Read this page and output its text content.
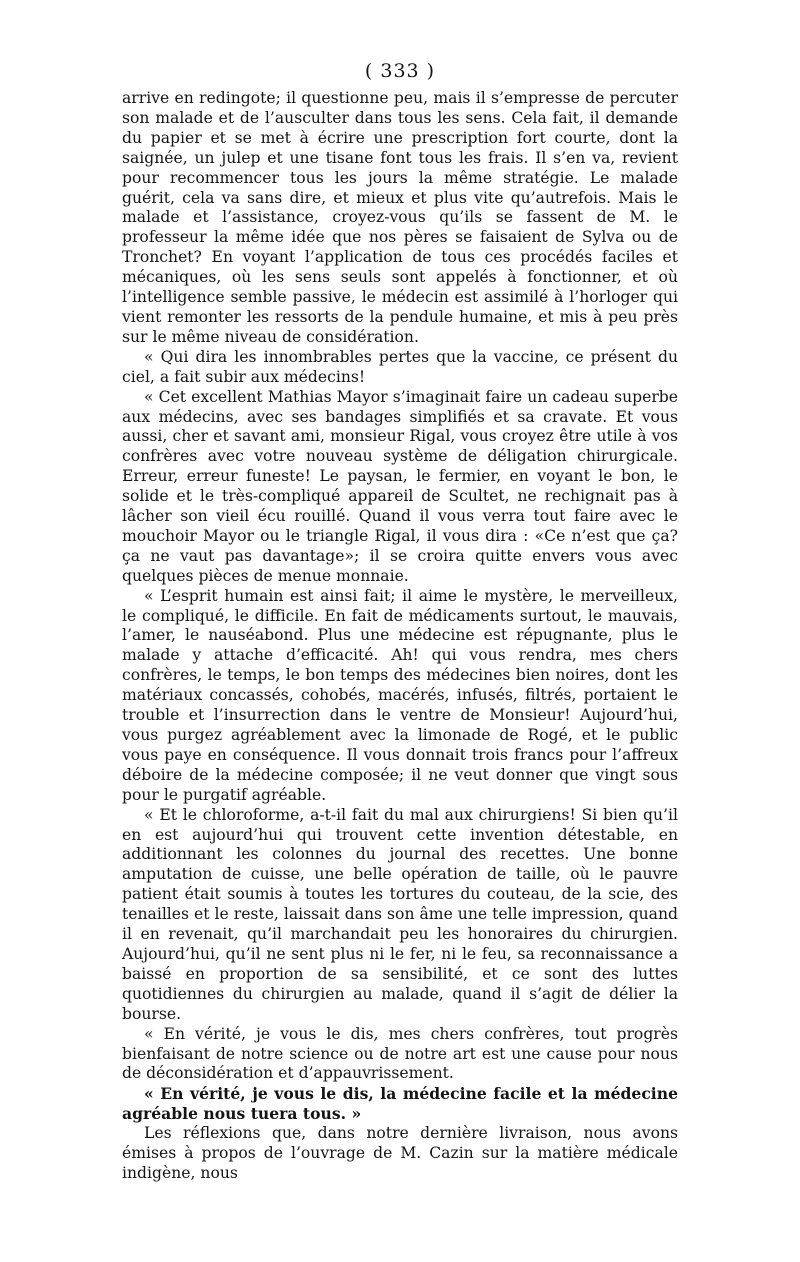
( 333 )

arrive en redingote; il questionne peu, mais il s’empresse de percuter son malade et de l’ausculter dans tous les sens. Cela fait, il demande du papier et se met à écrire une prescription fort courte, dont la saignée, un julep et une tisane font tous les frais. Il s’en va, revient pour recommencer tous les jours la même stratégie. Le malade guérit, cela va sans dire, et mieux et plus vite qu’autrefois. Mais le malade et l’assistance, croyez-vous qu’ils se fassent de M. le professeur la même idée que nos pères se faisaient de Sylva ou de Tronchet? En voyant l’application de tous ces procédés faciles et mécaniques, où les sens seuls sont appelés à fonctionner, et où l’intelligence semble passive, le médecin est assimilé à l’horloger qui vient remonter les ressorts de la pendule humaine, et mis à peu près sur le même niveau de considération.

« Qui dira les innombrables pertes que la vaccine, ce présent du ciel, a fait subir aux médecins!

« Cet excellent Mathias Mayor s’imaginait faire un cadeau superbe aux médecins, avec ses bandages simplifiés et sa cravate. Et vous aussi, cher et savant ami, monsieur Rigal, vous croyez être utile à vos confrères avec votre nouveau système de déligation chirurgicale. Erreur, erreur funeste! Le paysan, le fermier, en voyant le bon, le solide et le très-compliqué appareil de Scultet, ne rechignait pas à lâcher son vieil écu rouillé. Quand il vous verra tout faire avec le mouchoir Mayor ou le triangle Rigal, il vous dira : «Ce n’est que ça? ça ne vaut pas davantage»; il se croira quitte envers vous avec quelques pièces de menue monnaie.

« L’esprit humain est ainsi fait; il aime le mystère, le merveilleux, le compliqué, le difficile. En fait de médicaments surtout, le mauvais, l’amer, le nauséabond. Plus une médecine est répugnante, plus le malade y attache d’efficacité. Ah! qui vous rendra, mes chers confrères, le temps, le bon temps des médecines bien noires, dont les matériaux concassés, cohobés, macérés, infusés, filtrés, portaient le trouble et l’insurrection dans le ventre de Monsieur! Aujourd’hui, vous purgez agréablement avec la limonade de Rogé, et le public vous paye en conséquence. Il vous donnait trois francs pour l’affreux déboire de la médecine composée; il ne veut donner que vingt sous pour le purgatif agréable.

« Et le chloroforme, a-t-il fait du mal aux chirurgiens! Si bien qu’il en est aujourd’hui qui trouvent cette invention détestable, en additionnant les colonnes du journal des recettes. Une bonne amputation de cuisse, une belle opération de taille, où le pauvre patient était soumis à toutes les tortures du couteau, de la scie, des tenailles et le reste, laissait dans son âme une telle impression, quand il en revenait, qu’il marchandait peu les honoraires du chirurgien. Aujourd’hui, qu’il ne sent plus ni le fer, ni le feu, sa reconnaissance a baissé en proportion de sa sensibilité, et ce sont des luttes quotidiennes du chirurgien au malade, quand il s’agit de délier la bourse.

« En vérité, je vous le dis, mes chers confrères, tout progrès bienfaisant de notre science ou de notre art est une cause pour nous de déconsidération et d’appauvrissement.

« En vérité, je vous le dis, la médecine facile et la médecine agréable nous tuera tous. »

Les réflexions que, dans notre dernière livraison, nous avons émises à propos de l’ouvrage de M. Cazin sur la matière médicale indigène, nous
